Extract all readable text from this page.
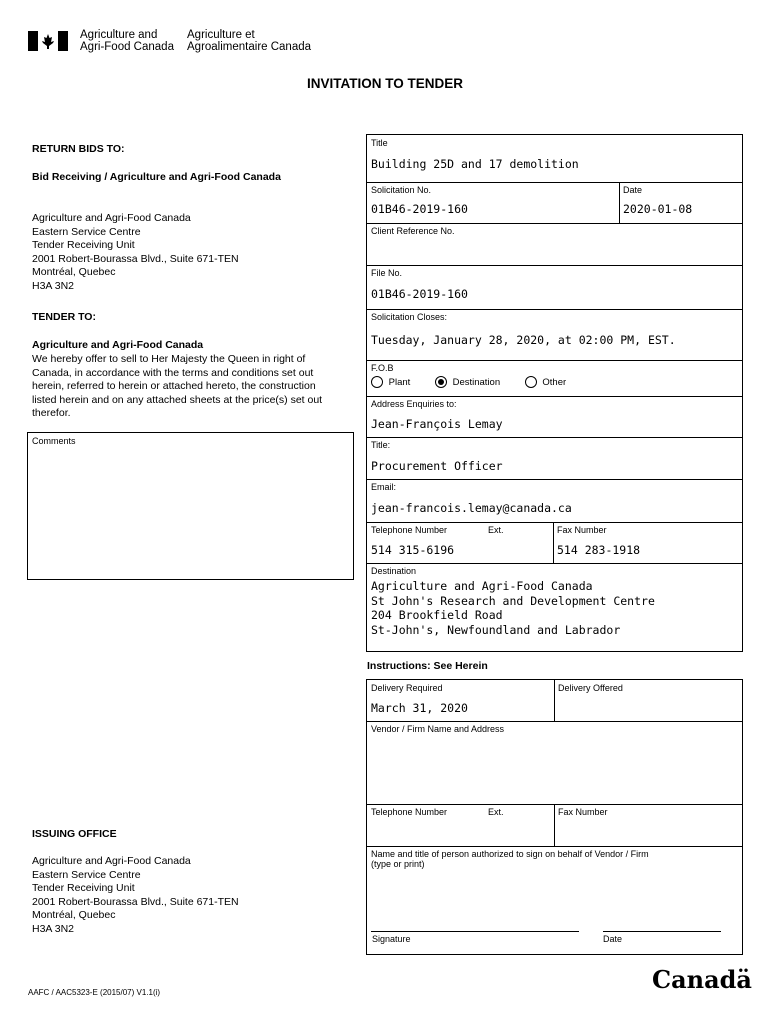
Agriculture and
Agri-Food Canada
Agriculture et
Agroalimentaire Canada
INVITATION TO TENDER
RETURN BIDS TO:
Bid Receiving / Agriculture and Agri-Food Canada
Agriculture and Agri-Food Canada
Eastern Service Centre
Tender Receiving Unit
2001 Robert-Bourassa Blvd., Suite 671-TEN
Montréal, Quebec
H3A 3N2
TENDER TO:
Agriculture and Agri-Food Canada
We hereby offer to sell to Her Majesty the Queen in right of
Canada, in accordance with the terms and conditions set out
herein, referred to herein or attached hereto, the construction
listed herein and on any attached sheets at the price(s) set out
therefor.
Comments
ISSUING OFFICE
Agriculture and Agri-Food Canada
Eastern Service Centre
Tender Receiving Unit
2001 Robert-Bourassa Blvd., Suite 671-TEN
Montréal, Quebec
H3A 3N2
Title
Building 25D and 17 demolition
Solicitation No.
01B46-2019-160
Date
2020-01-08
Client Reference No.
File No.
01B46-2019-160
Solicitation Closes:
Tuesday, January 28, 2020, at 02:00 PM, EST.
F.O.B
Plant	Destination	Other
Address Enquiries to:
Jean-François Lemay
Title:
Procurement Officer
Email:
jean-francois.lemay@canada.ca
Telephone Number	Ext.
514 315-6196
Fax Number
514 283-1918
Destination
Agriculture and Agri-Food Canada
St John's Research and Development Centre
204 Brookfield Road
St-John's, Newfoundland and Labrador
Instructions: See Herein
Delivery Required
March 31, 2020
Delivery Offered
Vendor / Firm Name and Address
Telephone Number	Ext.	Fax Number
Name and title of person authorized to sign on behalf of Vendor / Firm
(type or print)
Signature	Date
AAFC / AAC5323-E (2015/07) V1.1(i)	Canadä
